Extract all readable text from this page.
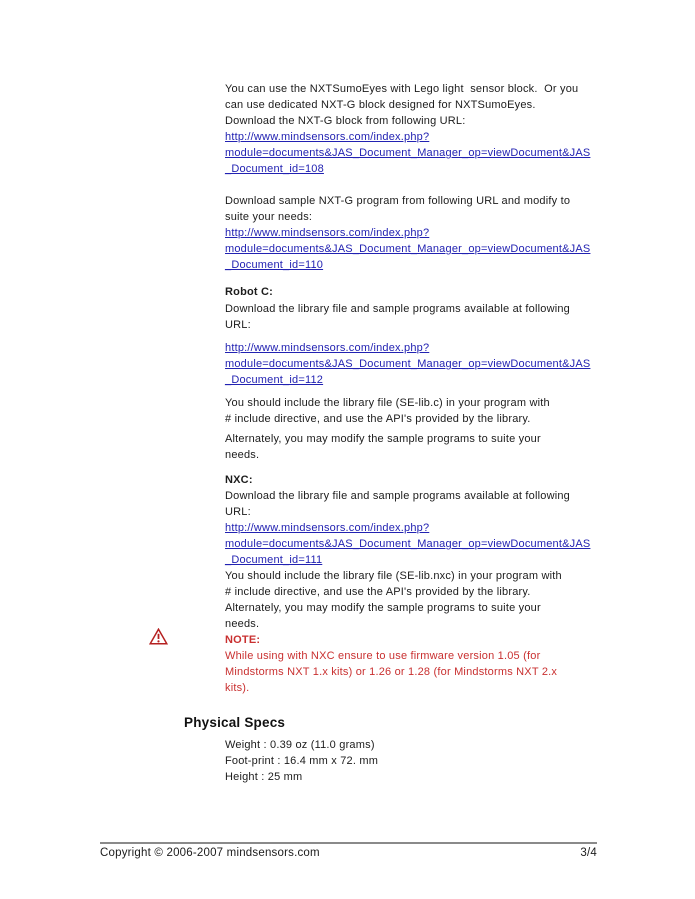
You can use the NXTSumoEyes with Lego light  sensor block.  Or you
can use dedicated NXT-G block designed for NXTSumoEyes.
Download the NXT-G block from following URL:

http://www.mindsensors.com/index.php?
module=documents&JAS_Document_Manager_op=viewDocument&JAS
_Document_id=108

Download sample NXT-G program from following URL and modify to
suite your needs:

http://www.mindsensors.com/index.php?
module=documents&JAS_Document_Manager_op=viewDocument&JAS
_Document_id=110

Robot C:

Download the library file and sample programs available at following
URL:

http://www.mindsensors.com/index.php?
module=documents&JAS_Document_Manager_op=viewDocument&JAS
_Document_id=112

You should include the library file (SE-lib.c) in your program with
# include directive, and use the API's provided by the library.

Alternately, you may modify the sample programs to suite your
needs.

NXC:

Download the library file and sample programs available at following
URL:

http://www.mindsensors.com/index.php?
module=documents&JAS_Document_Manager_op=viewDocument&JAS
_Document_id=111

You should include the library file (SE-lib.nxc) in your program with
# include directive, and use the API's provided by the library.
Alternately, you may modify the sample programs to suite your
needs.

NOTE:

While using with NXC ensure to use firmware version 1.05 (for
Mindstorms NXT 1.x kits) or 1.26 or 1.28 (for Mindstorms NXT 2.x
kits).

Physical Specs

Weight : 0.39 oz (11.0 grams)
Foot-print : 16.4 mm x 72. mm
Height : 25 mm

Copyright © 2006-2007 mindsensors.com	3/4
